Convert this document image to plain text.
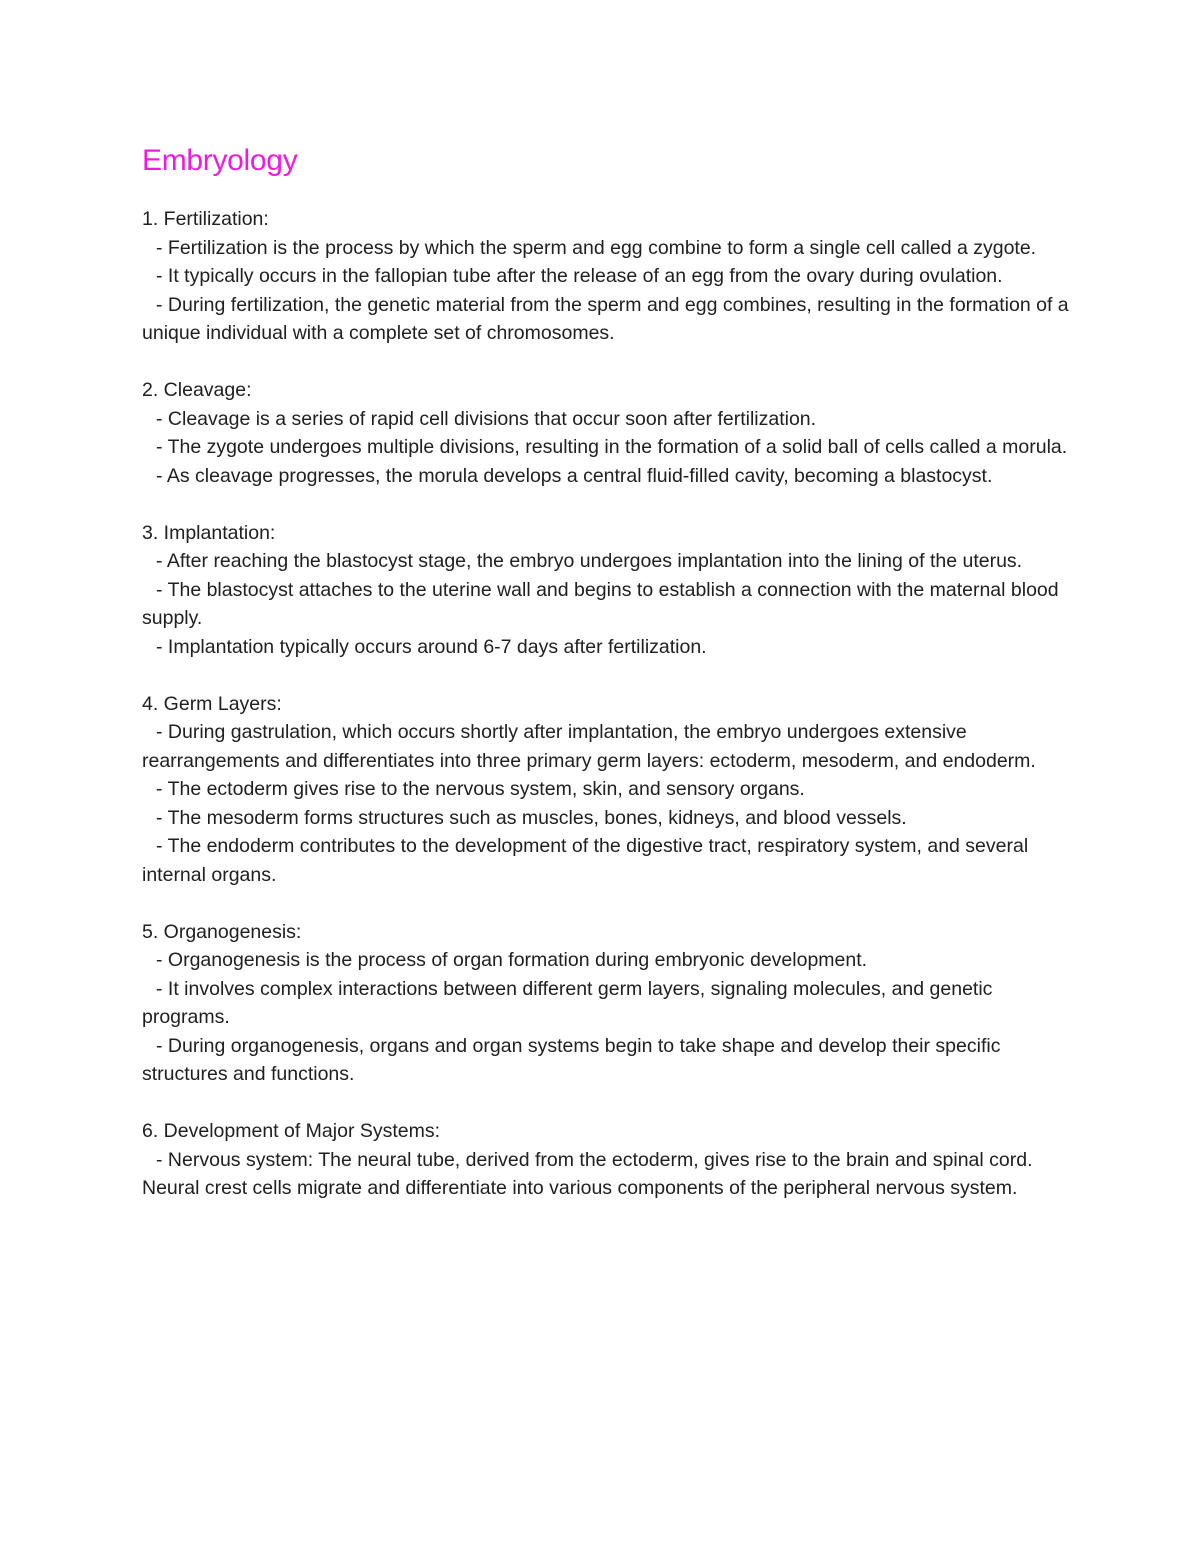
Embryology

1. Fertilization:

- Fertilization is the process by which the sperm and egg combine to form a single cell called a zygote.

- It typically occurs in the fallopian tube after the release of an egg from the ovary during ovulation.

- During fertilization, the genetic material from the sperm and egg combines, resulting in the formation of a unique individual with a complete set of chromosomes.

2. Cleavage:

- Cleavage is a series of rapid cell divisions that occur soon after fertilization.

- The zygote undergoes multiple divisions, resulting in the formation of a solid ball of cells called a morula.

- As cleavage progresses, the morula develops a central fluid-filled cavity, becoming a blastocyst.

3. Implantation:

- After reaching the blastocyst stage, the embryo undergoes implantation into the lining of the uterus.

- The blastocyst attaches to the uterine wall and begins to establish a connection with the maternal blood supply.

- Implantation typically occurs around 6-7 days after fertilization.

4. Germ Layers:

- During gastrulation, which occurs shortly after implantation, the embryo undergoes extensive rearrangements and differentiates into three primary germ layers: ectoderm, mesoderm, and endoderm.

- The ectoderm gives rise to the nervous system, skin, and sensory organs.

- The mesoderm forms structures such as muscles, bones, kidneys, and blood vessels.

- The endoderm contributes to the development of the digestive tract, respiratory system, and several internal organs.

5. Organogenesis:

- Organogenesis is the process of organ formation during embryonic development.

- It involves complex interactions between different germ layers, signaling molecules, and genetic programs.

- During organogenesis, organs and organ systems begin to take shape and develop their specific structures and functions.

6. Development of Major Systems:

- Nervous system: The neural tube, derived from the ectoderm, gives rise to the brain and spinal cord. Neural crest cells migrate and differentiate into various components of the peripheral nervous system.
